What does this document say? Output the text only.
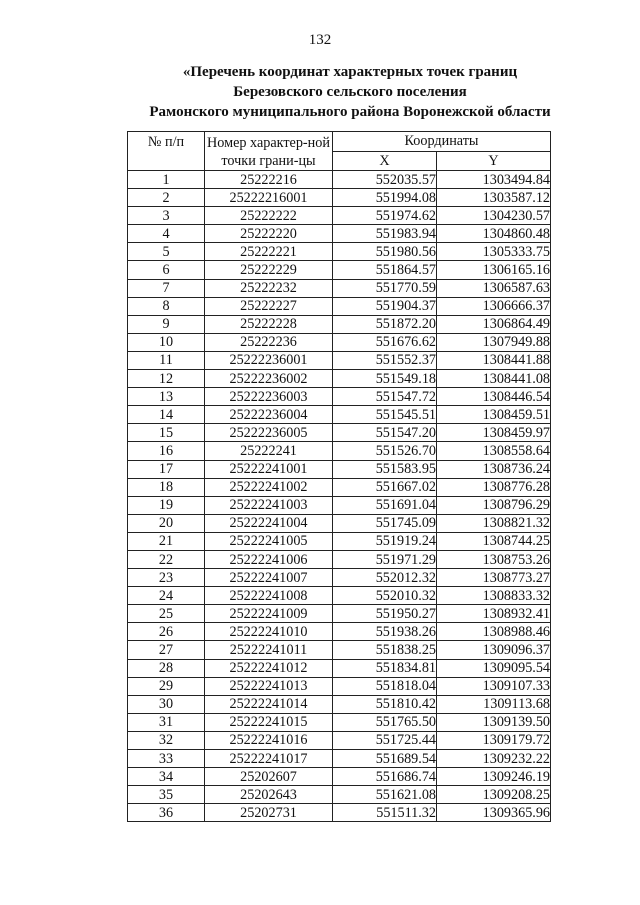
132
«Перечень координат характерных точек границ
Березовского сельского поселения
Рамонского муниципального района Воронежской области
№ п/п	Номер характер-ной точки грани-цы	Координаты	
		X	Y
1	25222216	552035.57	1303494.84
2	25222216001	551994.08	1303587.12
3	25222222	551974.62	1304230.57
4	25222220	551983.94	1304860.48
5	25222221	551980.56	1305333.75
6	25222229	551864.57	1306165.16
7	25222232	551770.59	1306587.63
8	25222227	551904.37	1306666.37
9	25222228	551872.20	1306864.49
10	25222236	551676.62	1307949.88
11	25222236001	551552.37	1308441.88
12	25222236002	551549.18	1308441.08
13	25222236003	551547.72	1308446.54
14	25222236004	551545.51	1308459.51
15	25222236005	551547.20	1308459.97
16	25222241	551526.70	1308558.64
17	25222241001	551583.95	1308736.24
18	25222241002	551667.02	1308776.28
19	25222241003	551691.04	1308796.29
20	25222241004	551745.09	1308821.32
21	25222241005	551919.24	1308744.25
22	25222241006	551971.29	1308753.26
23	25222241007	552012.32	1308773.27
24	25222241008	552010.32	1308833.32
25	25222241009	551950.27	1308932.41
26	25222241010	551938.26	1308988.46
27	25222241011	551838.25	1309096.37
28	25222241012	551834.81	1309095.54
29	25222241013	551818.04	1309107.33
30	25222241014	551810.42	1309113.68
31	25222241015	551765.50	1309139.50
32	25222241016	551725.44	1309179.72
33	25222241017	551689.54	1309232.22
34	25202607	551686.74	1309246.19
35	25202643	551621.08	1309208.25
36	25202731	551511.32	1309365.96
